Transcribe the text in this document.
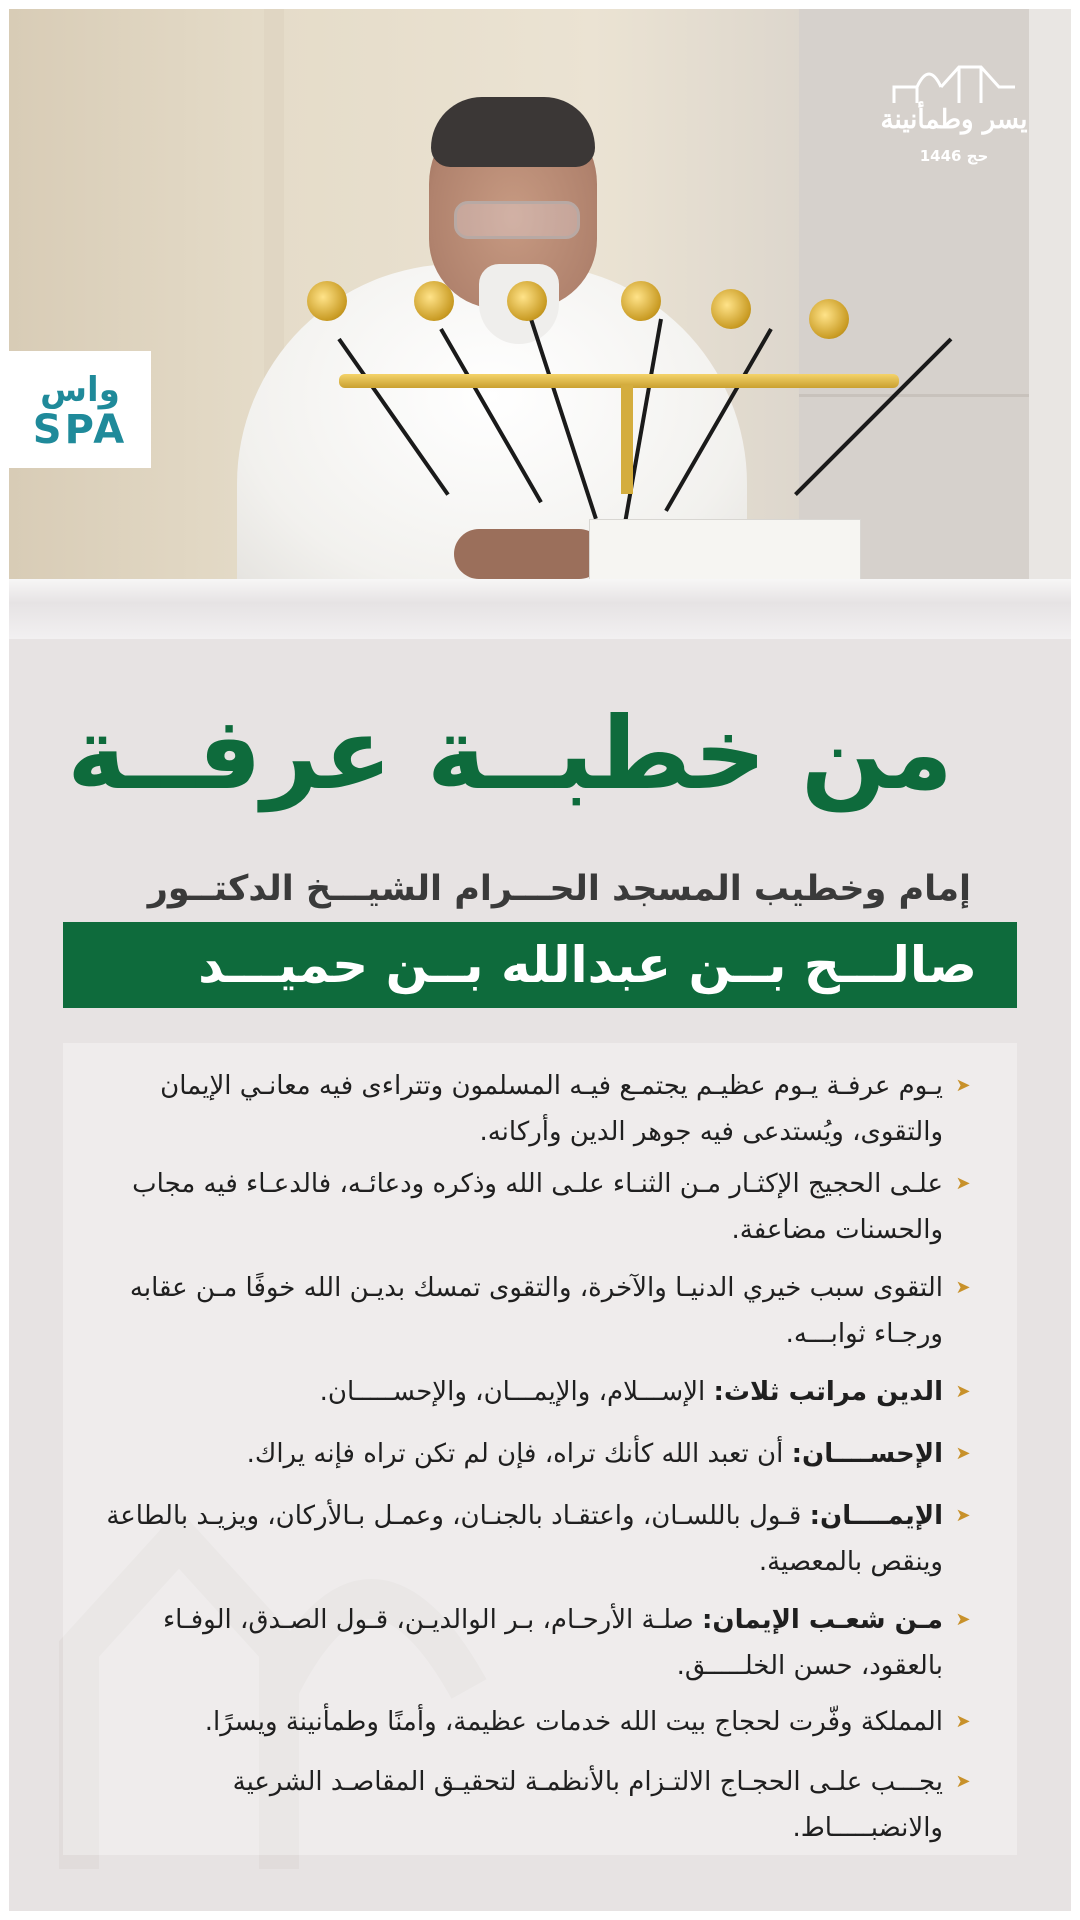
يسر وطمأنينة
حج 1446
واس
SPA
من خطبــة عرفــة
إمام وخطيب المسجد الحـــرام الشيـــخ الدكتــور
صالـــح بــن عبدالله بــن حميـــد
➤
يـوم عرفـة يـوم عظيـم يجتمـع فيـه المسلمون وتتراءى فيه معانـي الإيمان والتقوى، ويُستدعى فيه جوهر الدين وأركانه.
➤
علـى الحجيج الإكثـار مـن الثنـاء علـى الله وذكره ودعائـه، فالدعـاء فيه مجاب والحسنات مضاعفة.
➤
التقوى سبب خيري الدنيـا والآخرة، والتقوى تمسك بديـن الله خوفًا مـن عقابه ورجـاء ثوابـــه.
➤
الدين مراتب ثلاث: الإســـلام، والإيمـــان، والإحســـــان.
➤
الإحســــان: أن تعبد الله كأنك تراه، فإن لم تكن تراه فإنه يراك.
➤
الإيمــــان: قـول باللسـان، واعتقـاد بالجنـان، وعمـل بـالأركان، ويزيـد بالطاعة وينقص بالمعصية.
➤
مـن شعـب الإيمان: صلـة الأرحـام، بـر الوالديـن، قـول الصـدق، الوفـاء بالعقود، حسن الخلـــــق.
➤
المملكة وفّرت لحجاج بيت الله خدمات عظيمة، وأمنًا وطمأنينة ويسرًا.
➤
يجـــب علـى الحجـاج الالتـزام بالأنظمـة لتحقيـق المقاصـد الشرعية والانضبـــــاط.
